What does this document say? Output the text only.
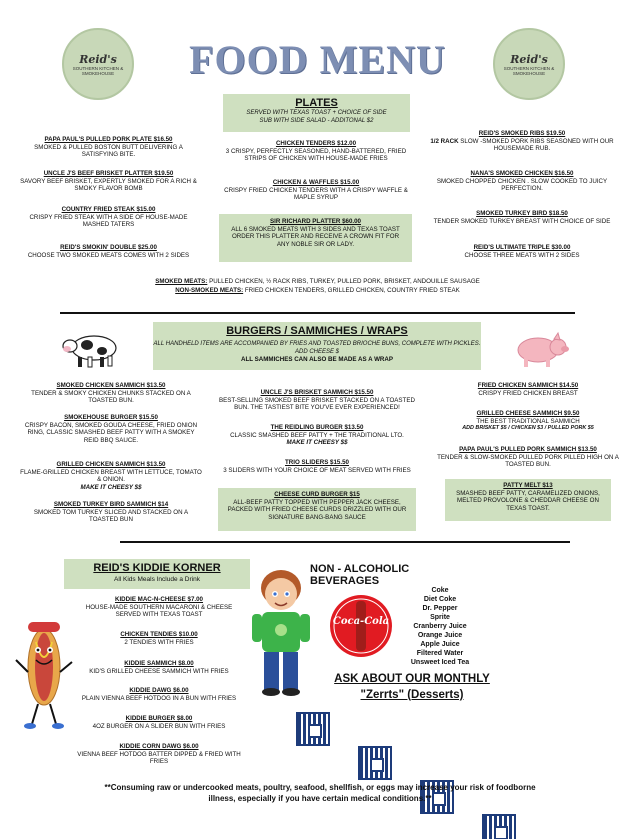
Reid's
SOUTHERN KITCHEN & SMOKEHOUSE
Reid's
SOUTHERN KITCHEN & SMOKEHOUSE
FOOD MENU
PLATES
SERVED WITH TEXAS TOAST + CHOICE OF SIDE
SUB WITH SIDE SALAD - ADDITONAL $2
PAPA PAUL'S PULLED PORK PLATE $16.50
SMOKED & PULLED BOSTON BUTT DELIVERING A SATISFYING BITE.
UNCLE J'S BEEF BRISKET PLATTER $19.50
SAVORY BEEF BRISKET, EXPERTLY SMOKED FOR A RICH & SMOKY FLAVOR BOMB
COUNTRY FRIED STEAK $15.00
CRISPY FRIED STEAK WITH A SIDE OF HOUSE-MADE MASHED TATERS
REID'S SMOKIN' DOUBLE $25.00
CHOOSE TWO SMOKED MEATS COMES WITH 2 SIDES
CHICKEN TENDERS $12.00
3 CRISPY, PERFECTLY SEASONED, HAND-BATTERED, FRIED STRIPS OF CHICKEN WITH HOUSE-MADE FRIES
CHICKEN & WAFFLES $15.00
CRISPY FRIED CHICKEN TENDERS WITH A CRISPY WAFFLE & MAPLE SYRUP
SIR RICHARD PLATTER $60.00
ALL 6 SMOKED MEATS WITH 3 SIDES AND TEXAS TOAST ORDER THIS PLATTER AND RECEIVE A CROWN FIT FOR ANY NOBLE SIR OR LADY.
REID'S SMOKED RIBS $19.50
1/2 RACK SLOW -SMOKED PORK RIBS SEASONED WITH OUR HOUSEMADE RUB.
NANA'S SMOKED CHICKEN $16.50
SMOKED CHOPPED CHICKEN . SLOW COOKED TO JUICY PERFECTION.
SMOKED TURKEY BIRD $18.50
TENDER SMOKED TURKEY BREAST WITH CHOICE OF SIDE
REID'S ULTIMATE TRIPLE $30.00
CHOOSE THREE MEATS WITH 2 SIDES
SMOKED MEATS: PULLED CHICKEN, ½ RACK RIBS, TURKEY, PULLED PORK, BRISKET, ANDOUILLE SAUSAGE
NON-SMOKED MEATS: FRIED CHICKEN TENDERS, GRILLED CHICKEN, COUNTRY FRIED STEAK
BURGERS / SAMMICHES / WRAPS
ALL HANDHELD ITEMS ARE ACCOMPANIED BY FRIES AND TOASTED BRIOCHE BUNS, COMPLETE WITH PICKLES.
ADD CHEESE $
ALL SAMMICHES CAN ALSO BE MADE AS A WRAP
SMOKED CHICKEN SAMMICH $13.50
TENDER & SMOKY CHICKEN CHUNKS STACKED ON A TOASTED BUN.
SMOKEHOUSE BURGER $15.50
CRISPY BACON, SMOKED GOUDA CHEESE, FRIED ONION RING, CLASSIC SMASHED BEEF PATTY WITH A SMOKEY REID BBQ SAUCE.
GRILLED CHICKEN SAMMICH $13.50
FLAME-GRILLED CHICKEN BREAST WITH LETTUCE, TOMATO & ONION.
MAKE IT CHEESY $$
SMOKED TURKEY BIRD SAMMICH $14
SMOKED TOM TURKEY SLICED AND STACKED ON A TOASTED BUN
UNCLE J'S BRISKET SAMMICH $15.50
BEST-SELLING SMOKED BEEF BRISKET STACKED ON A TOASTED BUN. THE TASTIEST BITE YOU'VE EVER EXPERIENCED!
THE REIDLING BURGER $13.50
CLASSIC SMASHED BEEF PATTY + THE TRADITIONAL LTO.
MAKE IT CHEESY $$
TRIO SLIDERS $15.50
3 SLIDERS WITH YOUR CHOICE OF MEAT SERVED WITH FRIES
CHEESE CURD BURGER $15
ALL-BEEF PATTY TOPPED WITH PEPPER JACK CHEESE, PACKED WITH FRIED CHEESE CURDS DRIZZLED WITH OUR SIGNATURE BANG-BANG SAUCE
FRIED CHICKEN SAMMICH $14.50
CRISPY FRIED CHICKEN BREAST
GRILLED CHEESE SAMMICH $9.50
THE BEST TRADITIONAL SAMMICH
ADD BRISKET $5 / CHICKEN $3 / PULLED PORK $5
PAPA PAUL'S PULLED PORK SAMMICH $13.50
TENDER & SLOW-SMOKED PULLED PORK PILLED HIGH ON A TOASTED BUN.
PATTY MELT $13
SMASHED BEEF PATTY, CARAMELIZED ONIONS, MELTED PROVOLONE & CHEDDAR CHEESE ON TEXAS TOAST.
REID'S KIDDIE KORNER
All Kids Meals Include a Drink
KIDDIE MAC-N-CHEESE $7.00
HOUSE-MADE SOUTHERN MACARONI & CHEESE SERVED WITH TEXAS TOAST
CHICKEN TENDIES $10.00
2 TENDIES WITH FRIES
KIDDIE SAMMICH $8.00
KID'S GRILLED CHEESE SAMMICH WITH FRIES
KIDDIE DAWG $6.00
PLAIN VIENNA BEEF HOTDOG IN A BUN WITH FRIES
KIDDIE BURGER $8.00
4OZ BURGER ON A SLIDER BUN WITH FRIES
KIDDIE CORN DAWG $6.00
VIENNA BEEF HOTDOG BATTER DIPPED & FRIED WITH FRIES
NON - ALCOHOLIC BEVERAGES
Coca-Cola
Coke
Diet Coke
Dr. Pepper
Sprite
Cranberry Juice
Orange Juice
Apple Juice
Filtered Water
Unsweet Iced Tea
ASK ABOUT OUR MONTHLY
"Zerrts" (Desserts)
**Consuming raw or undercooked meats, poultry, seafood, shellfish, or eggs may increase your risk of foodborne illness, especially if you have certain medical conditions.**
